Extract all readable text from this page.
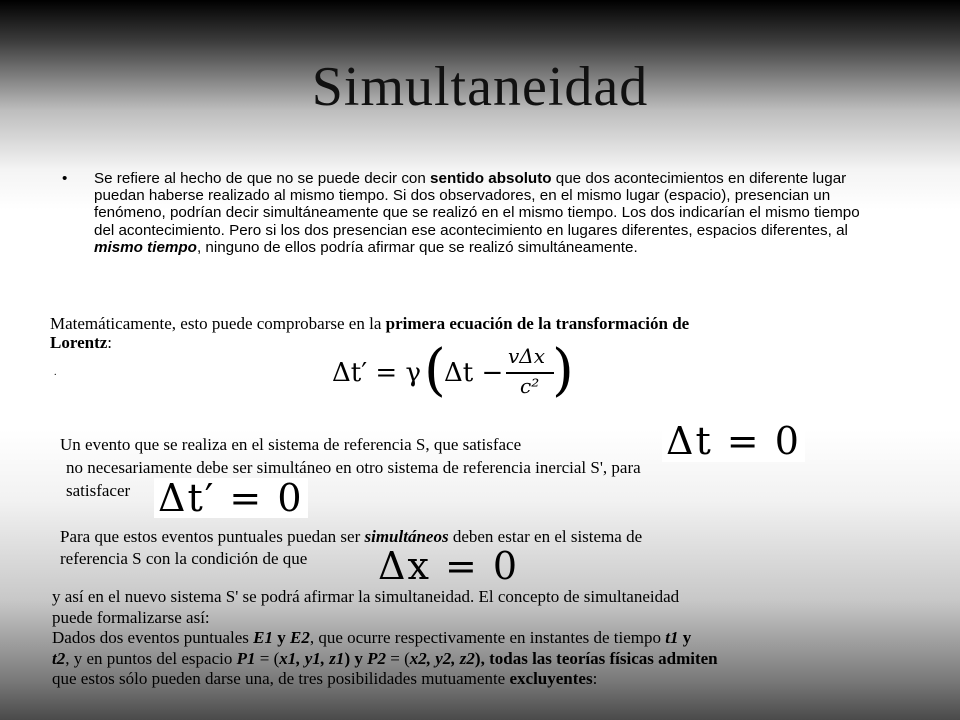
Simultaneidad
• Se refiere al hecho de que no se puede decir con sentido absoluto que dos acontecimientos en diferente lugar puedan haberse realizado al mismo tiempo. Si dos observadores, en el mismo lugar (espacio), presencian un fenómeno, podrían decir simultáneamente que se realizó en el mismo tiempo. Los dos indicarían el mismo tiempo del acontecimiento. Pero si los dos presencian ese acontecimiento en lugares diferentes, espacios diferentes, al mismo tiempo, ninguno de ellos podría afirmar que se realizó simultáneamente.
Matemáticamente, esto puede comprobarse en la primera ecuación de la transformación de Lorentz:
.	Δt′ = γ (
Δt −
vΔx
c² )
Un evento que se realiza en el sistema de referencia S, que satisface	Δt = 0
no necesariamente debe ser simultáneo en otro sistema de referencia inercial S', para
satisfacer Δt′ = 0
Para que estos eventos puntuales puedan ser simultáneos deben estar en el sistema de
referencia S con la condición de que Δx = 0
y así en el nuevo sistema S' se podrá afirmar la simultaneidad. El concepto de simultaneidad
puede formalizarse así:
Dados dos eventos puntuales E1 y E2, que ocurre respectivamente en instantes de tiempo t1 y
t2, y en puntos del espacio P1 = (x1, y1, z1) y P2 = (x2, y2, z2), todas las teorías físicas admiten
que estos sólo pueden darse una, de tres posibilidades mutuamente excluyentes:
